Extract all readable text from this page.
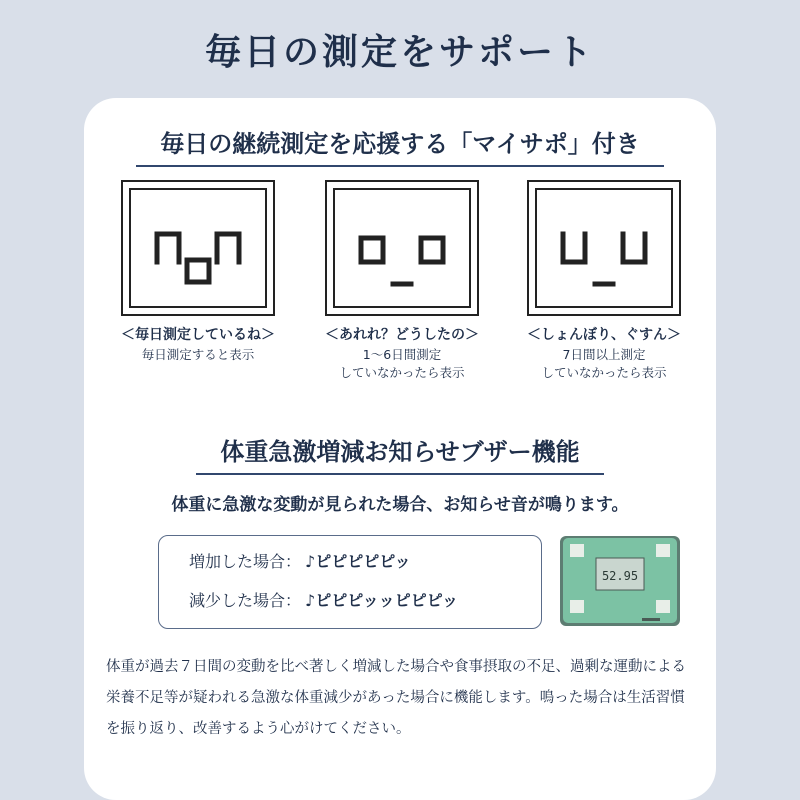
毎日の測定をサポート
毎日の継続測定を応援する「マイサポ」付き
＜毎日測定しているね＞
毎日測定すると表示
＜あれれ？どうしたの＞
1〜6日間測定
していなかったら表示
＜しょんぼり、ぐすん＞
7日間以上測定
していなかったら表示
体重急激増減お知らせブザー機能
体重に急激な変動が見られた場合、お知らせ音が鳴ります。
増加した場合： ♪ピピピピピッ
減少した場合： ♪ピピピッッピピピッ
52.95
体重が過去７日間の変動を比べ著しく増減した場合や食事摂取の不足、過剰な運動による栄養不足等が疑われる急激な体重減少があった場合に機能します。鳴った場合は生活習慣を振り返り、改善するよう心がけてください。
